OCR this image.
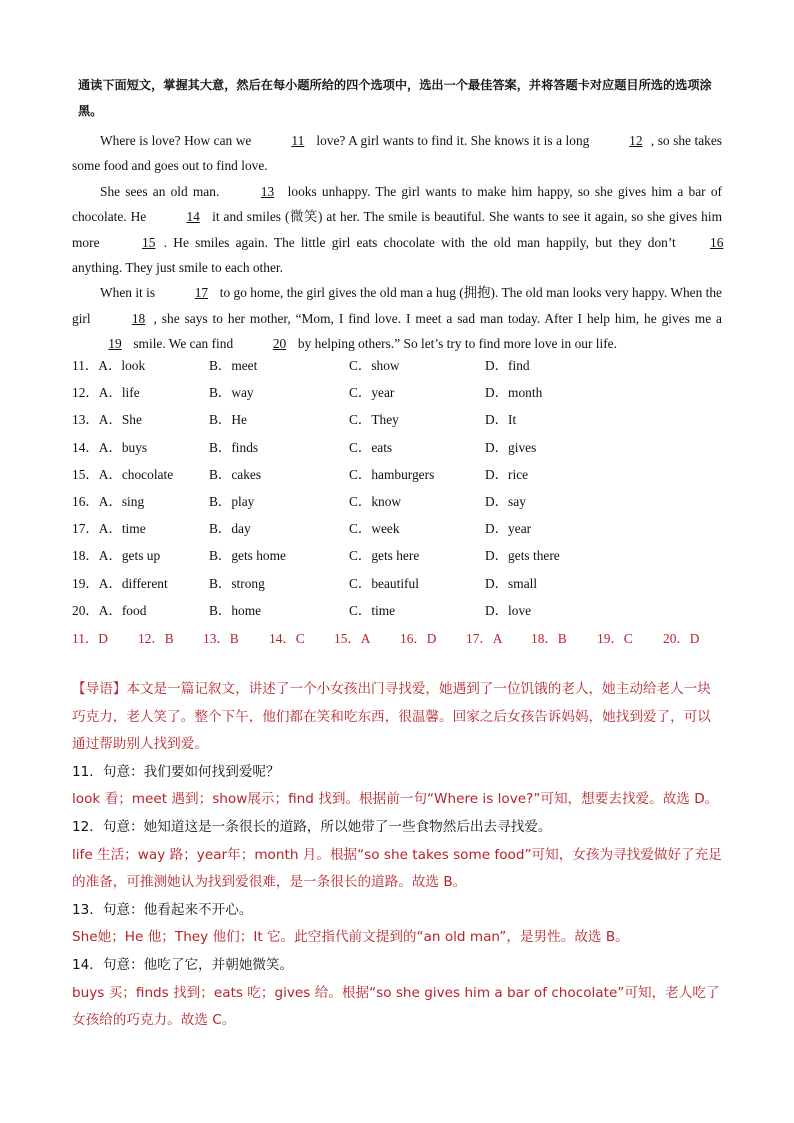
通读下面短文，掌握其大意，然后在每小题所给的四个选项中，选出一个最佳答案，并将答题卡对应题目所选的选项涂黑。

Where is love? How can we	11 love? A girl wants to find it. She knows it is a long	12 , so she takes some food and goes out to find love.

She sees an old man.	13 looks unhappy. The girl wants to make him happy, so she gives him a bar of chocolate. He	14 it and smiles (微笑) at her. The smile is beautiful. She wants to see it again, so she gives him more	15 . He smiles again. The little girl eats chocolate with the old man happily, but they don’t 16 anything. They just smile to each other.

When it is	17 to go home, the girl gives the old man a hug (拥抱). The old man looks very happy. When the girl	18 , she says to her mother, “Mom, I find love. I meet a sad man today. After I help him, he gives me a 19 smile. We can find	20 by helping others.” So let’s try to find more love in our life.

11．A．look	B．meet	C．show	D．find
12．A．life	B．way	C．year	D．month
13．A．She	B．He	C．They	D．It
14．A．buys	B．finds	C．eats	D．gives
15．A．chocolate	B．cakes	C．hamburgers	D．rice
16．A．sing	B．play	C．know	D．say
17．A．time	B．day	C．week	D．year
18．A．gets up	B．gets home	C．gets here	D．gets there
19．A．different	B．strong	C．beautiful	D．small
20．A．food	B．home	C．time	D．love
11．D 12．B 13．B 14．C 15．A 16．D 17．A 18．B 19．C 20．D

【导语】本文是一篇记叙文，讲述了一个小女孩出门寻找爱，她遇到了一位饥饿的老人，她主动给老人一块巧克力，老人笑了。整个下午，他们都在笑和吃东西，很温馨。回家之后女孩告诉妈妈，她找到爱了，可以通过帮助别人找到爱。

11．句意：我们要如何找到爱呢？

look 看；meet 遇到；show展示；find 找到。根据前一句“Where is love?”可知，想要去找爱。故选 D。

12．句意：她知道这是一条很长的道路，所以她带了一些食物然后出去寻找爱。

life 生活；way 路；year年；month 月。根据“so she takes some food”可知，女孩为寻找爱做好了充足的准备，可推测她认为找到爱很难，是一条很长的道路。故选 B。

13．句意：他看起来不开心。

She她；He 他；They 他们；It 它。此空指代前文提到的“an old man”，是男性。故选 B。

14．句意：他吃了它，并朝她微笑。

buys 买；finds 找到；eats 吃；gives 给。根据“so she gives him a bar of chocolate”可知，老人吃了女孩给的巧克力。故选 C。
